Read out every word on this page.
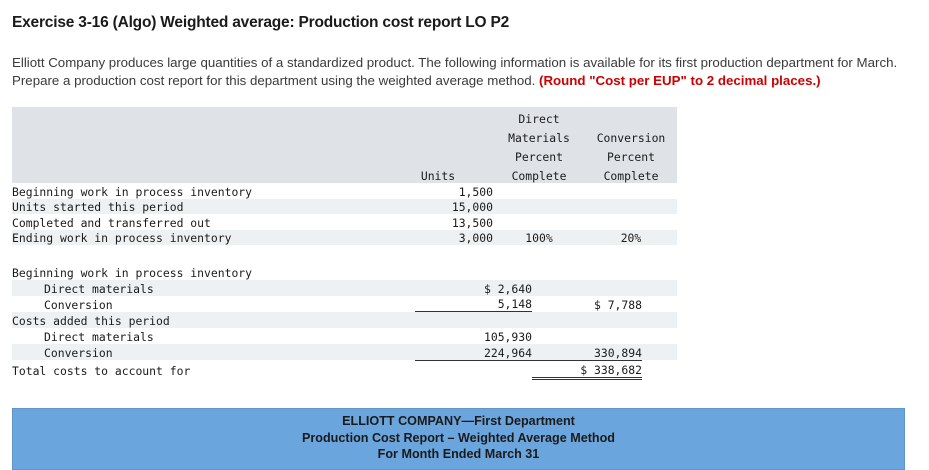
Exercise 3-16 (Algo) Weighted average: Production cost report LO P2
Elliott Company produces large quantities of a standardized product. The following information is available for its first production department for March. Prepare a production cost report for this department using the weighted average method. (Round "Cost per EUP" to 2 decimal places.)
		Direct	
		Materials	Conversion
		Percent	Percent
	Units	Complete	Complete
Beginning work in process inventory	1,500		
Units started this period	15,000		
Completed and transferred out	13,500		
Ending work in process inventory	3,000	100%	20%
Beginning work in process inventory			
Direct materials	$ 2,640		
Conversion	5,148	$ 7,788	
Costs added this period			
Direct materials	105,930		
Conversion	224,964	330,894	
Total costs to account for		$ 338,682	
ELLIOTT COMPANY—First Department
Production Cost Report – Weighted Average Method
For Month Ended March 31
